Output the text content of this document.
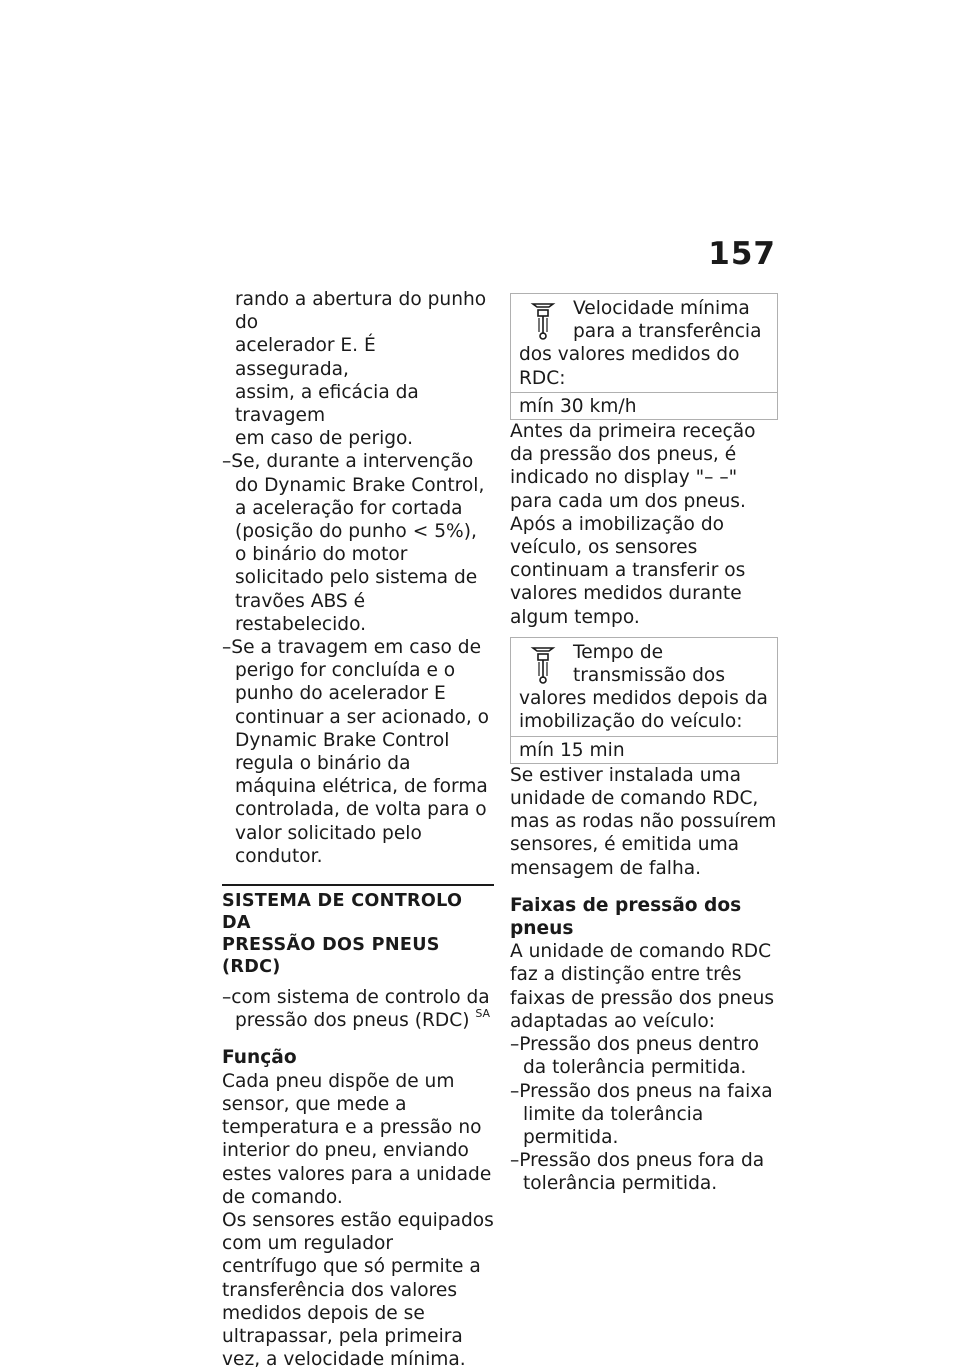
157

rando a abertura do punho do

acelerador E. É assegurada,

assim, a eficácia da travagem

em caso de perigo.

–Se, durante a intervenção do Dynamic Brake Control, a aceleração for cortada (posição do punho < 5%), o binário do motor solicitado pelo sistema de travões ABS é restabelecido.

–Se a travagem em caso de perigo for concluída e o punho do acelerador E continuar a ser acionado, o Dynamic Brake Control regula o binário da máquina elétrica, de forma controlada, de volta para o valor solicitado pelo condutor.

SISTEMA DE CONTROLO DA
PRESSÃO DOS PNEUS (RDC)

–com sistema de controlo da pressão dos pneus (RDC) $^{SA}$

Função

Cada pneu dispõe de um sensor, que mede a temperatura e a pressão no interior do pneu, enviando estes valores para a unidade de comando.

Os sensores estão equipados com um regulador centrífugo que só permite a transferência dos valores medidos depois de se ultrapassar, pela primeira vez, a velocidade mínima.

Velocidade mínima para a transferência dos valores medidos do RDC:
mín 30 km/h

Antes da primeira receção da pressão dos pneus, é indicado no display "– –" para cada um dos pneus. Após a imobilização do veículo, os sensores continuam a transferir os valores medidos durante algum tempo.

Tempo de transmissão dos valores medidos depois da imobilização do veículo:
mín 15 min

Se estiver instalada uma unidade de comando RDC, mas as rodas não possuírem sensores, é emitida uma mensagem de falha.

Faixas de pressão dos pneus

A unidade de comando RDC faz a distinção entre três faixas de pressão dos pneus adaptadas ao veículo:

–Pressão dos pneus dentro da tolerância permitida.

–Pressão dos pneus na faixa limite da tolerância permitida.

–Pressão dos pneus fora da tolerância permitida.
